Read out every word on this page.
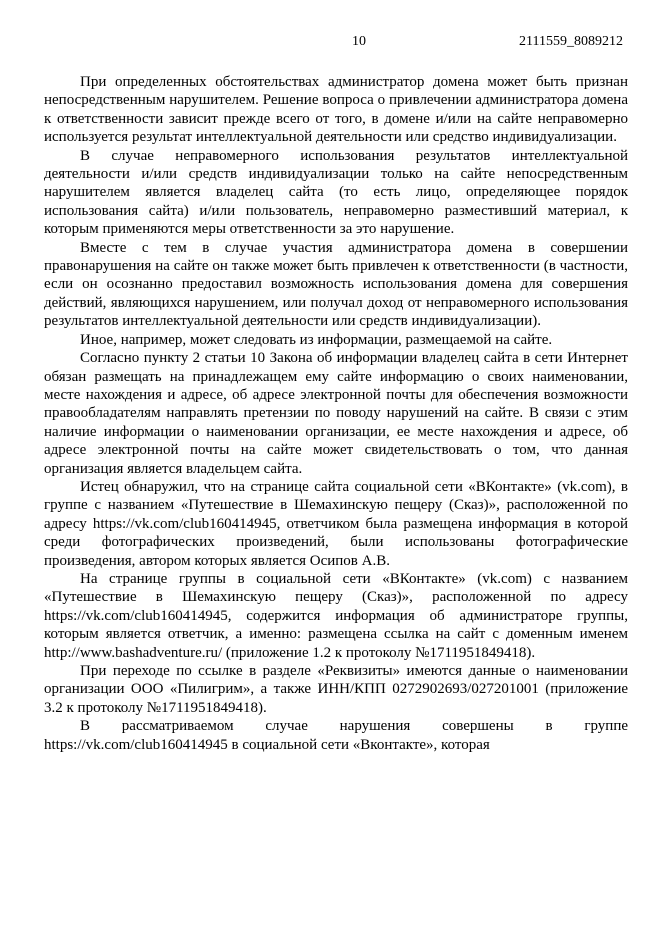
10	2111559_8089212

При определенных обстоятельствах администратор домена может быть признан непосредственным нарушителем. Решение вопроса о привлечении администратора домена к ответственности зависит прежде всего от того, в домене и/или на сайте неправомерно используется результат интеллектуальной деятельности или средство индивидуализации.

В случае неправомерного использования результатов интеллектуальной деятельности и/или средств индивидуализации только на сайте непосредственным нарушителем является владелец сайта (то есть лицо, определяющее порядок использования сайта) и/или пользователь, неправомерно разместивший материал, к которым применяются меры ответственности за это нарушение.

Вместе с тем в случае участия администратора домена в совершении правонарушения на сайте он также может быть привлечен к ответственности (в частности, если он осознанно предоставил возможность использования домена для совершения действий, являющихся нарушением, или получал доход от неправомерного использования результатов интеллектуальной деятельности или средств индивидуализации).

Иное, например, может следовать из информации, размещаемой на сайте.

Согласно пункту 2 статьи 10 Закона об информации владелец сайта в сети Интернет обязан размещать на принадлежащем ему сайте информацию о своих наименовании, месте нахождения и адресе, об адресе электронной почты для обеспечения возможности правообладателям направлять претензии по поводу нарушений на сайте. В связи с этим наличие информации о наименовании организации, ее месте нахождения и адресе, об адресе электронной почты на сайте может свидетельствовать о том, что данная организация является владельцем сайта.

Истец обнаружил, что на странице сайта социальной сети «ВКонтакте» (vk.com), в группе с названием «Путешествие в Шемахинскую пещеру (Сказ)», расположенной по адресу https://vk.com/club160414945, ответчиком была размещена информация в которой среди фотографических произведений, были использованы фотографические произведения, автором которых является Осипов А.В.

На странице группы в социальной сети «ВКонтакте» (vk.com) с названием «Путешествие в Шемахинскую пещеру (Сказ)», расположенной по адресу https://vk.com/club160414945, содержится информация об администраторе группы, которым является ответчик, а именно: размещена ссылка на сайт с доменным именем http://www.bashadventure.ru/ (приложение 1.2 к протоколу №1711951849418).

При переходе по ссылке в разделе «Реквизиты» имеются данные о наименовании организации ООО «Пилигрим», а также ИНН/КПП 0272902693/027201001 (приложение 3.2 к протоколу №1711951849418).

В рассматриваемом случае нарушения совершены в группе https://vk.com/club160414945 в социальной сети «Вконтакте», которая
